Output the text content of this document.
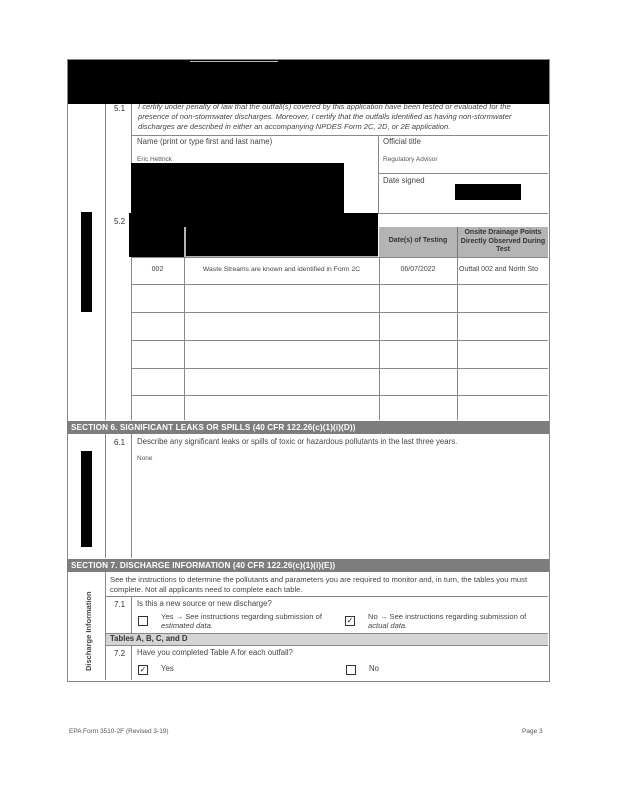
5.1 I certify under penalty of law that the outfall(s) covered by this application have been tested or evaluated for the
presence of non-stormwater discharges. Moreover, I certify that the outfalls identified as having non-stormwater
discharges are described in either an accompanying NPDES Form 2C, 2D, or 2E application.
Name (print or type first and last name)
Eric Hettrick
Official title
Regulatory Advisor
Date signed
5.2
Date(s) of Testing
Onsite Drainage Points Directly Observed During Test
002	Waste Streams are known and identified in Form 2C	06/07/2022	Outfall 002 and North Sto
SECTION 6. SIGNIFICANT LEAKS OR SPILLS (40 CFR 122.26(c)(1)(i)(D))
6.1 Describe any significant leaks or spills of toxic or hazardous pollutants in the last three years.
None
SECTION 7. DISCHARGE INFORMATION (40 CFR 122.26(c)(1)(i)(E))
Discharge Information
See the instructions to determine the pollutants and parameters you are required to monitor and, in turn, the tables you must
complete. Not all applicants need to complete each table.
7.1 Is this a new source or new discharge?
Yes → See instructions regarding submission of
estimated data.
✓ No → See instructions regarding submission of
actual data.
Tables A, B, C, and D
7.2 Have you completed Table A for each outfall?
✓ Yes	No
EPA Form 3510-2F (Revised 3-19)	Page 3
